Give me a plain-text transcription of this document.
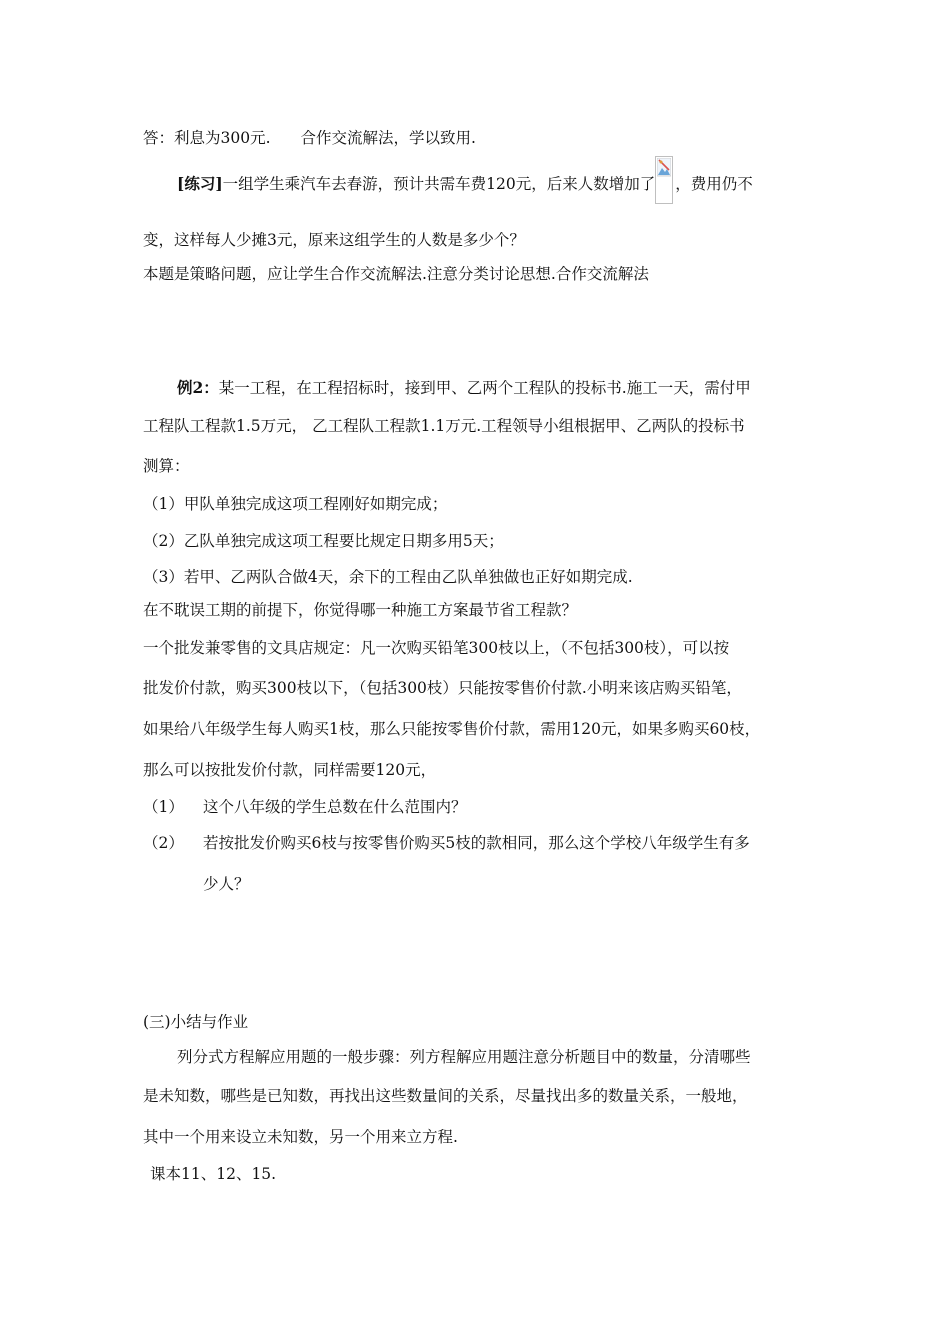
答：利息为300元. 合作交流解法，学以致用.
[练习]一组学生乘汽车去春游，预计共需车费120元，后来人数增加了 ，费用仍不
变，这样每人少摊3元，原来这组学生的人数是多少个？
本题是策略问题，应让学生合作交流解法.注意分类讨论思想.合作交流解法
例2：某一工程，在工程招标时，接到甲、乙两个工程队的投标书.施工一天，需付甲
工程队工程款1.5万元， 乙工程队工程款1.1万元.工程领导小组根据甲、乙两队的投标书
测算：
（1）甲队单独完成这项工程刚好如期完成；
（2）乙队单独完成这项工程要比规定日期多用5天；
（3）若甲、乙两队合做4天，余下的工程由乙队单独做也正好如期完成.
在不耽误工期的前提下，你觉得哪一种施工方案最节省工程款？
一个批发兼零售的文具店规定：凡一次购买铅笔300枝以上，（不包括300枝），可以按
批发价付款，购买300枝以下，（包括300枝）只能按零售价付款.小明来该店购买铅笔，
如果给八年级学生每人购买1枝，那么只能按零售价付款，需用120元，如果多购买60枝，
那么可以按批发价付款，同样需要120元，
（1） 这个八年级的学生总数在什么范围内？
（2） 若按批发价购买6枝与按零售价购买5枝的款相同，那么这个学校八年级学生有多
少人？
(三)小结与作业
列分式方程解应用题的一般步骤：列方程解应用题注意分析题目中的数量，分清哪些
是未知数，哪些是已知数，再找出这些数量间的关系，尽量找出多的数量关系，一般地，
其中一个用来设立未知数，另一个用来立方程.
课本11、12、15.
